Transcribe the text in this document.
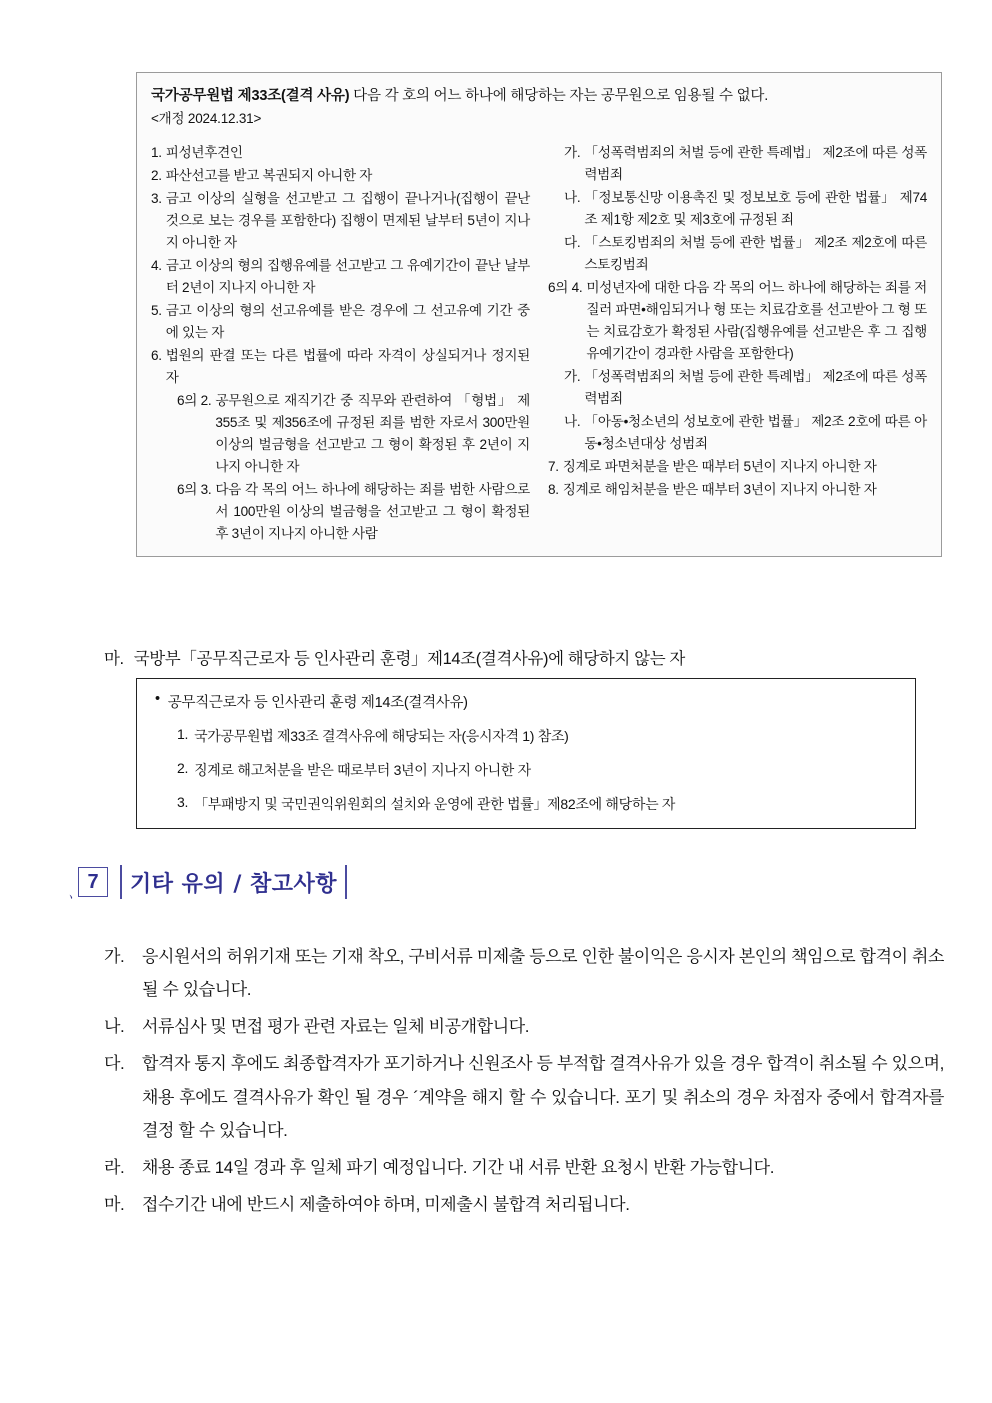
국가공무원법 제33조(결격 사유) 다음 각 호의 어느 하나에 해당하는 자는 공무원으로 임용될 수 없다.
<개정 2024.12.31>
1. 피성년후견인
2. 파산선고를 받고 복권되지 아니한 자
3. 금고 이상의 실형을 선고받고 그 집행이 끝나거나(집행이 끝난 것으로 보는 경우를 포함한다) 집행이 면제된 날부터 5년이 지나지 아니한 자
4. 금고 이상의 형의 집행유예를 선고받고 그 유예기간이 끝난 날부터 2년이 지나지 아니한 자
5. 금고 이상의 형의 선고유예를 받은 경우에 그 선고유예 기간 중에 있는 자
6. 법원의 판결 또는 다른 법률에 따라 자격이 상실되거나 정지된 자
6의 2. 공무원으로 재직기간 중 직무와 관련하여 「형법」 제355조 및 제356조에 규정된 죄를 범한 자로서 300만원 이상의 벌금형을 선고받고 그 형이 확정된 후 2년이 지나지 아니한 자
6의 3. 다음 각 목의 어느 하나에 해당하는 죄를 범한 사람으로서 100만원 이상의 벌금형을 선고받고 그 형이 확정된 후 3년이 지나지 아니한 사람
가. 「성폭력범죄의 처벌 등에 관한 특례법」 제2조에 따른 성폭력범죄
나. 「정보통신망 이용촉진 및 정보보호 등에 관한 법률」 제74조 제1항 제2호 및 제3호에 규정된 죄
다. 「스토킹범죄의 처벌 등에 관한 법률」 제2조 제2호에 따른 스토킹범죄
6의 4. 미성년자에 대한 다음 각 목의 어느 하나에 해당하는 죄를 저질러 파면•해임되거나 형 또는 치료감호를 선고받아 그 형 또는 치료감호가 확정된 사람(집행유예를 선고받은 후 그 집행유예기간이 경과한 사람을 포함한다)
가. 「성폭력범죄의 처벌 등에 관한 특례법」 제2조에 따른 성폭력범죄
나. 「아동•청소년의 성보호에 관한 법률」 제2조 2호에 따른 아동•청소년대상 성범죄
7. 징계로 파면처분을 받은 때부터 5년이 지나지 아니한 자
8. 징계로 해임처분을 받은 때부터 3년이 지나지 아니한 자
마. 국방부「공무직근로자 등 인사관리 훈령」제14조(결격사유)에 해당하지 않는 자
• 공무직근로자 등 인사관리 훈령 제14조(결격사유)
1. 국가공무원법 제33조 결격사유에 해당되는 자(응시자격 1) 참조)
2. 징계로 해고처분을 받은 때로부터 3년이 지나지 아니한 자
3. 「부패방지 및 국민권익위원회의 설치와 운영에 관한 법률」제82조에 해당하는 자
、
7	기타 유의 / 참고사항
가.	응시원서의 허위기재 또는 기재 착오, 구비서류 미제출 등으로 인한 불이익은 응시자 본인의 책임으로 합격이 취소될 수 있습니다.
나.	서류심사 및 면접 평가 관련 자료는 일체 비공개합니다.
다.	합격자 통지 후에도 최종합격자가 포기하거나 신원조사 등 부적합 결격사유가 있을 경우 합격이 취소될 수 있으며, 채용 후에도 결격사유가 확인 될 경우 ´계약을 해지 할 수 있습니다. 포기 및 취소의 경우 차점자 중에서 합격자를 결정 할 수 있습니다.
라.	채용 종료 14일 경과 후 일체 파기 예정입니다. 기간 내 서류 반환 요청시 반환 가능합니다.
마.	접수기간 내에 반드시 제출하여야 하며, 미제출시 불합격 처리됩니다.
